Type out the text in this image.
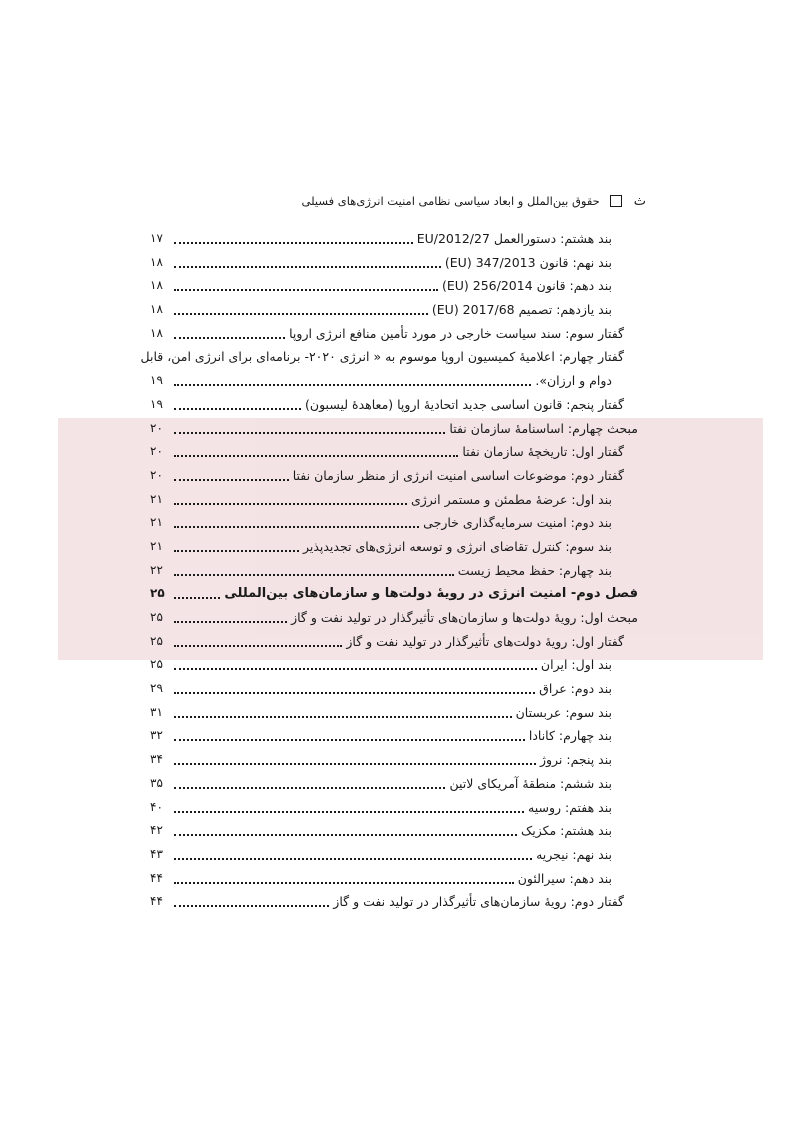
ث
حقوق بین‌الملل و ابعاد سیاسی نظامی امنیت انرژی‌های فسیلی
بند هشتم: دستورالعمل 2012/27/EU
۱۷
بند نهم: قانون 347/2013 (EU)
۱۸
بند دهم: قانون 256/2014 (EU)
۱۸
بند یازدهم: تصمیم 2017/68 (EU)
۱۸
گفتار سوم: سند سیاست خارجی در مورد تأمین منافع انرژی اروپا
۱۸
گفتار چهارم: اعلامیهٔ کمیسیون اروپا موسوم به « انرژی ۲۰۲۰- برنامه‌ای برای انرژی امن، قابل
دوام و ارزان».
۱۹
گفتار پنجم: قانون اساسی جدید اتحادیهٔ اروپا (معاهدهٔ لیسبون)
۱۹
مبحث چهارم: اساسنامهٔ سازمان نفتا
۲۰
گفتار اول: تاریخچهٔ سازمان نفتا
۲۰
گفتار دوم: موضوعات اساسی امنیت انرژی از منظر سازمان نفتا
۲۰
بند اول: عرضهٔ مطمئن و مستمر انرژی
۲۱
بند دوم: امنیت سرمایه‌گذاری خارجی
۲۱
بند سوم: کنترل تقاضای انرژی و توسعه انرژی‌های تجدیدپذیر
۲۱
بند چهارم: حفظ محیط زیست
۲۲
فصل دوم- امنیت انرژی در رویهٔ دولت‌ها و سازمان‌های بین‌المللی
۲۵
مبحث اول: رویهٔ دولت‌ها و سازمان‌های تأثیرگذار در تولید نفت و گاز
۲۵
گفتار اول: رویهٔ دولت‌های تأثیرگذار در تولید نفت و گاز
۲۵
بند اول: ایران
۲۵
بند دوم: عراق
۲۹
بند سوم: عربستان
۳۱
بند چهارم: کانادا
۳۲
بند پنجم: نروژ
۳۴
بند ششم: منطقهٔ آمریکای لاتین
۳۵
بند هفتم: روسیه
۴۰
بند هشتم: مکزیک
۴۲
بند نهم: نیجریه
۴۳
بند دهم: سیرالئون
۴۴
گفتار دوم: رویهٔ سازمان‌های تأثیرگذار در تولید نفت و گاز
۴۴
